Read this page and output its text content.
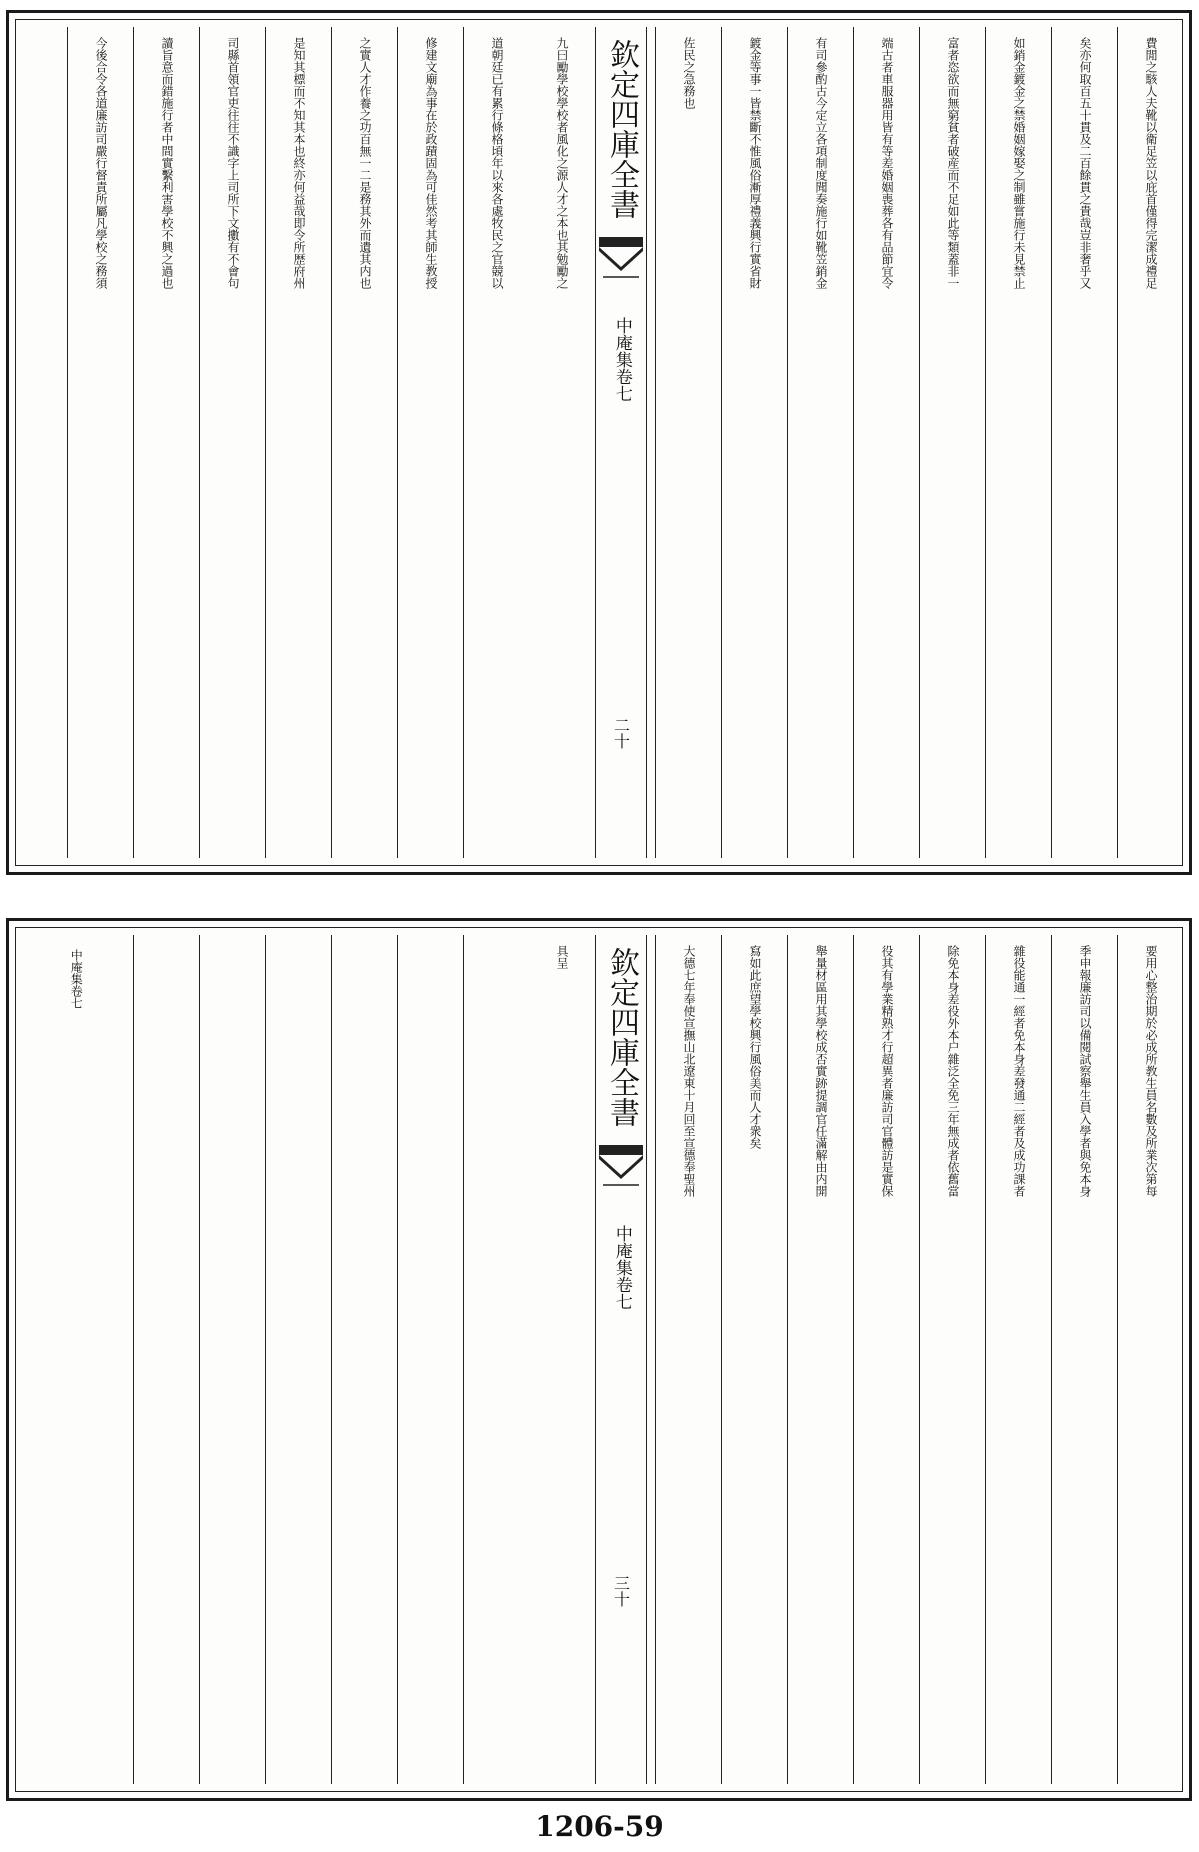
費閒之駭人夫靴以衛足笠以庇首僅得完潔成禮足
矣亦何取百五十貫及二百餘貫之貴哉豈非奢乎又
如銷金鍍金之禁婚姻嫁娶之制雖嘗施行未見禁止
富者恣欲而無窮貧者破産而不足如此等類蓋非一
端古者車服器用皆有等差婚姻喪葬各有品節宜令
有司參酌古今定立各項制度聞奏施行如靴笠銷金
鍍金等事一皆禁斷不惟風俗漸厚禮義興行實省財
佐民之急務也
欽定四庫全書
中庵集
卷七
二十
九曰勵學校學校者風化之源人才之本也其勉勵之
道朝廷已有累行條格頃年以來各處牧民之官競以
修建文廟為事在於政蹟固為可佳然考其師生教授
之實人才作養之功百無一二是務其外而遺其内也
是知其標而不知其本也終亦何益哉即令所歴府州
司縣首領官吏往往不識字上司所下文擻有不會句
讀旨意而錯施行者中間實繫利害學校不興之過也
今後合令各道廉訪司嚴行督責所屬凡學校之務須
要用心整治期於必成所教生員名數及所業次第每
季申報廉訪司以備閱試察舉生員入學者與免本身
雜役能通一經者免本身差發通二經者及成功課者
除免本身差役外本户雜泛全免三年無成者依舊當
役其有學業精熟才行超異者廉訪司官體訪是實保
舉量材區用其學校成否實跡提調官任滿解由内開
寫如此庶望學校興行風俗美而人才衆矣
大德七年奉使宣撫山北遼東十月回至宣德奉聖州
欽定四庫全書
中庵集
卷七
三十
具呈
中庵集卷七
1206-59
